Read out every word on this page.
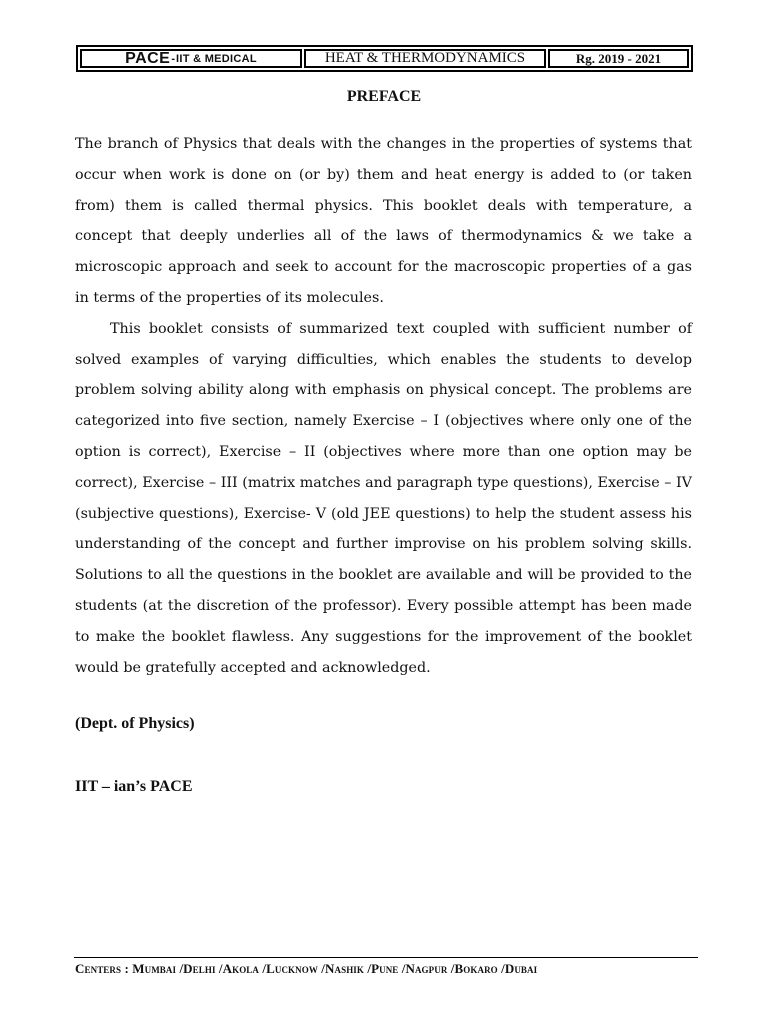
PACE - IIT & MEDICAL	HEAT & THERMODYNAMICS	Rg. 2019 - 2021
PREFACE

The branch of Physics that deals with the changes in the properties of systems that occur when work is done on (or by) them and heat energy is added to (or taken from) them is called thermal physics. This booklet deals with temperature, a concept that deeply underlies all of the laws of thermodynamics & we take a microscopic approach and seek to account for the macroscopic properties of a gas in terms of the properties of its molecules.

This booklet consists of summarized text coupled with sufficient number of solved examples of varying difficulties, which enables the students to develop problem solving ability along with emphasis on physical concept. The problems are categorized into five section, namely Exercise – I (objectives where only one of the option is correct), Exercise – II (objectives where more than one option may be correct), Exercise – III (matrix matches and paragraph type questions), Exercise – IV (subjective questions), Exercise- V (old JEE questions) to help the student assess his understanding of the concept and further improvise on his problem solving skills. Solutions to all the questions in the booklet are available and will be provided to the students (at the discretion of the professor). Every possible attempt has been made to make the booklet flawless. Any suggestions for the improvement of the booklet would be gratefully accepted and acknowledged.

(Dept. of Physics)

IIT – ian’s PACE

Centers : Mumbai /Delhi /Akola /Lucknow /Nashik /Pune /Nagpur /Bokaro /Dubai
